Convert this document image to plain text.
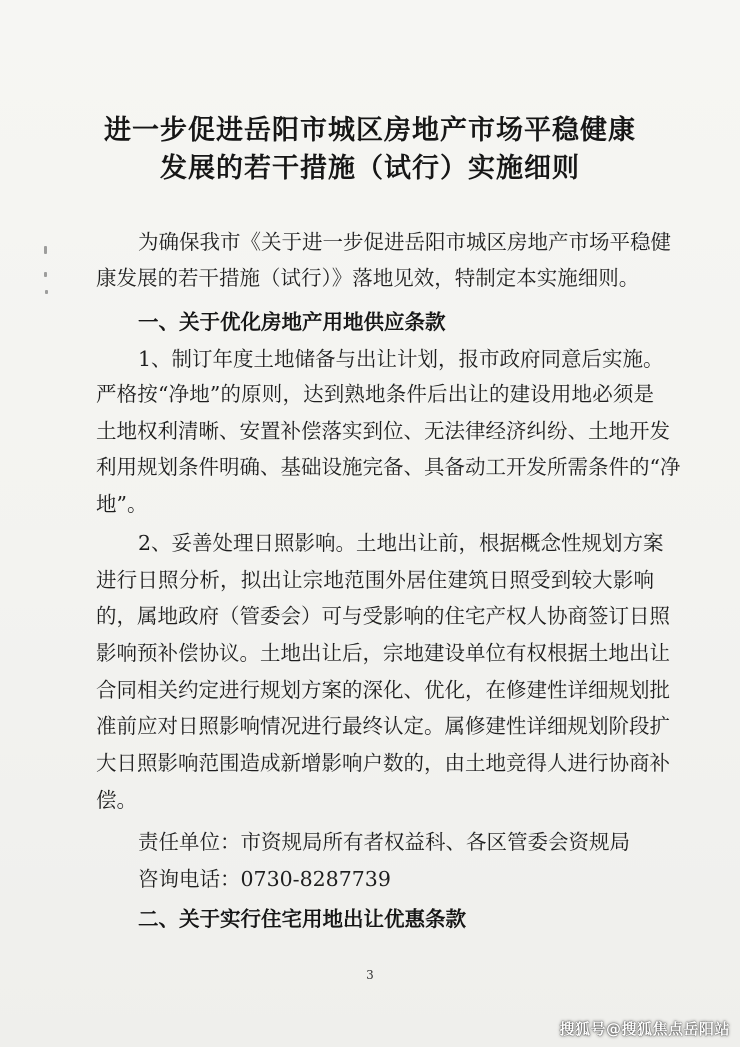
进一步促进岳阳市城区房地产市场平稳健康
发展的若干措施（试行）实施细则
为确保我市《关于进一步促进岳阳市城区房地产市场平稳健
康发展的若干措施（试行）》落地见效，特制定本实施细则。
一、关于优化房地产用地供应条款
1、制订年度土地储备与出让计划，报市政府同意后实施。
严格按“净地”的原则，达到熟地条件后出让的建设用地必须是
土地权利清晰、安置补偿落实到位、无法律经济纠纷、土地开发
利用规划条件明确、基础设施完备、具备动工开发所需条件的“净
地”。
2、妥善处理日照影响。土地出让前，根据概念性规划方案
进行日照分析，拟出让宗地范围外居住建筑日照受到较大影响
的，属地政府（管委会）可与受影响的住宅产权人协商签订日照
影响预补偿协议。土地出让后，宗地建设单位有权根据土地出让
合同相关约定进行规划方案的深化、优化，在修建性详细规划批
准前应对日照影响情况进行最终认定。属修建性详细规划阶段扩
大日照影响范围造成新增影响户数的，由土地竞得人进行协商补
偿。
责任单位：市资规局所有者权益科、各区管委会资规局
咨询电话：0730-8287739
二、关于实行住宅用地出让优惠条款
3
搜狐号@搜狐焦点岳阳站
